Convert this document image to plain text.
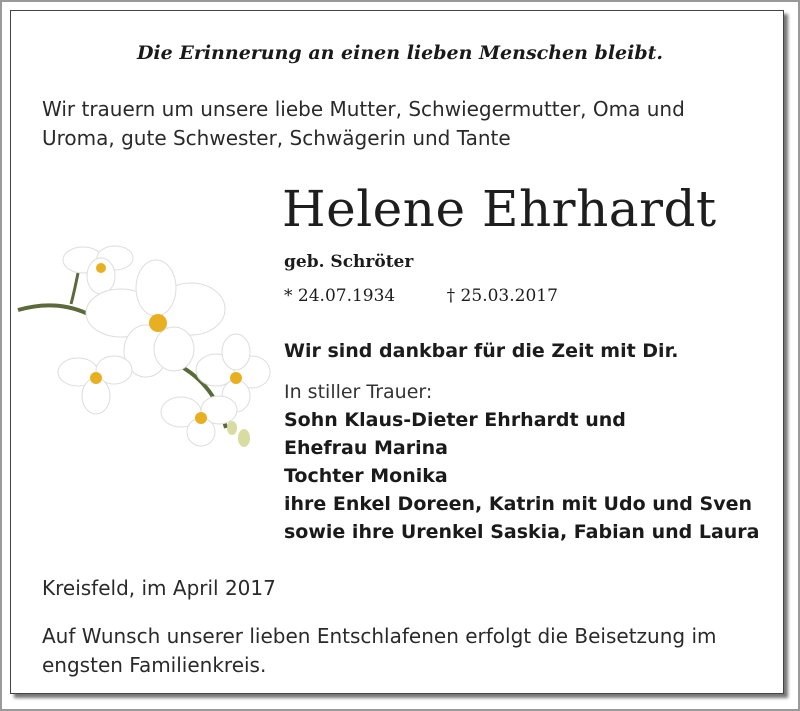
Die Erinnerung an einen lieben Menschen bleibt.
Wir trauern um unsere liebe Mutter, Schwiegermutter, Oma und
Uroma, gute Schwester, Schwägerin und Tante
Helene Ehrhardt
geb. Schröter
* 24.07.1934	† 25.03.2017
Wir sind dankbar für die Zeit mit Dir.
In stiller Trauer:
Sohn Klaus-Dieter Ehrhardt und
Ehefrau Marina
Tochter Monika
ihre Enkel Doreen, Katrin mit Udo und Sven
sowie ihre Urenkel Saskia, Fabian und Laura
Kreisfeld, im April 2017
Auf Wunsch unserer lieben Entschlafenen erfolgt die Beisetzung im
engsten Familienkreis.
